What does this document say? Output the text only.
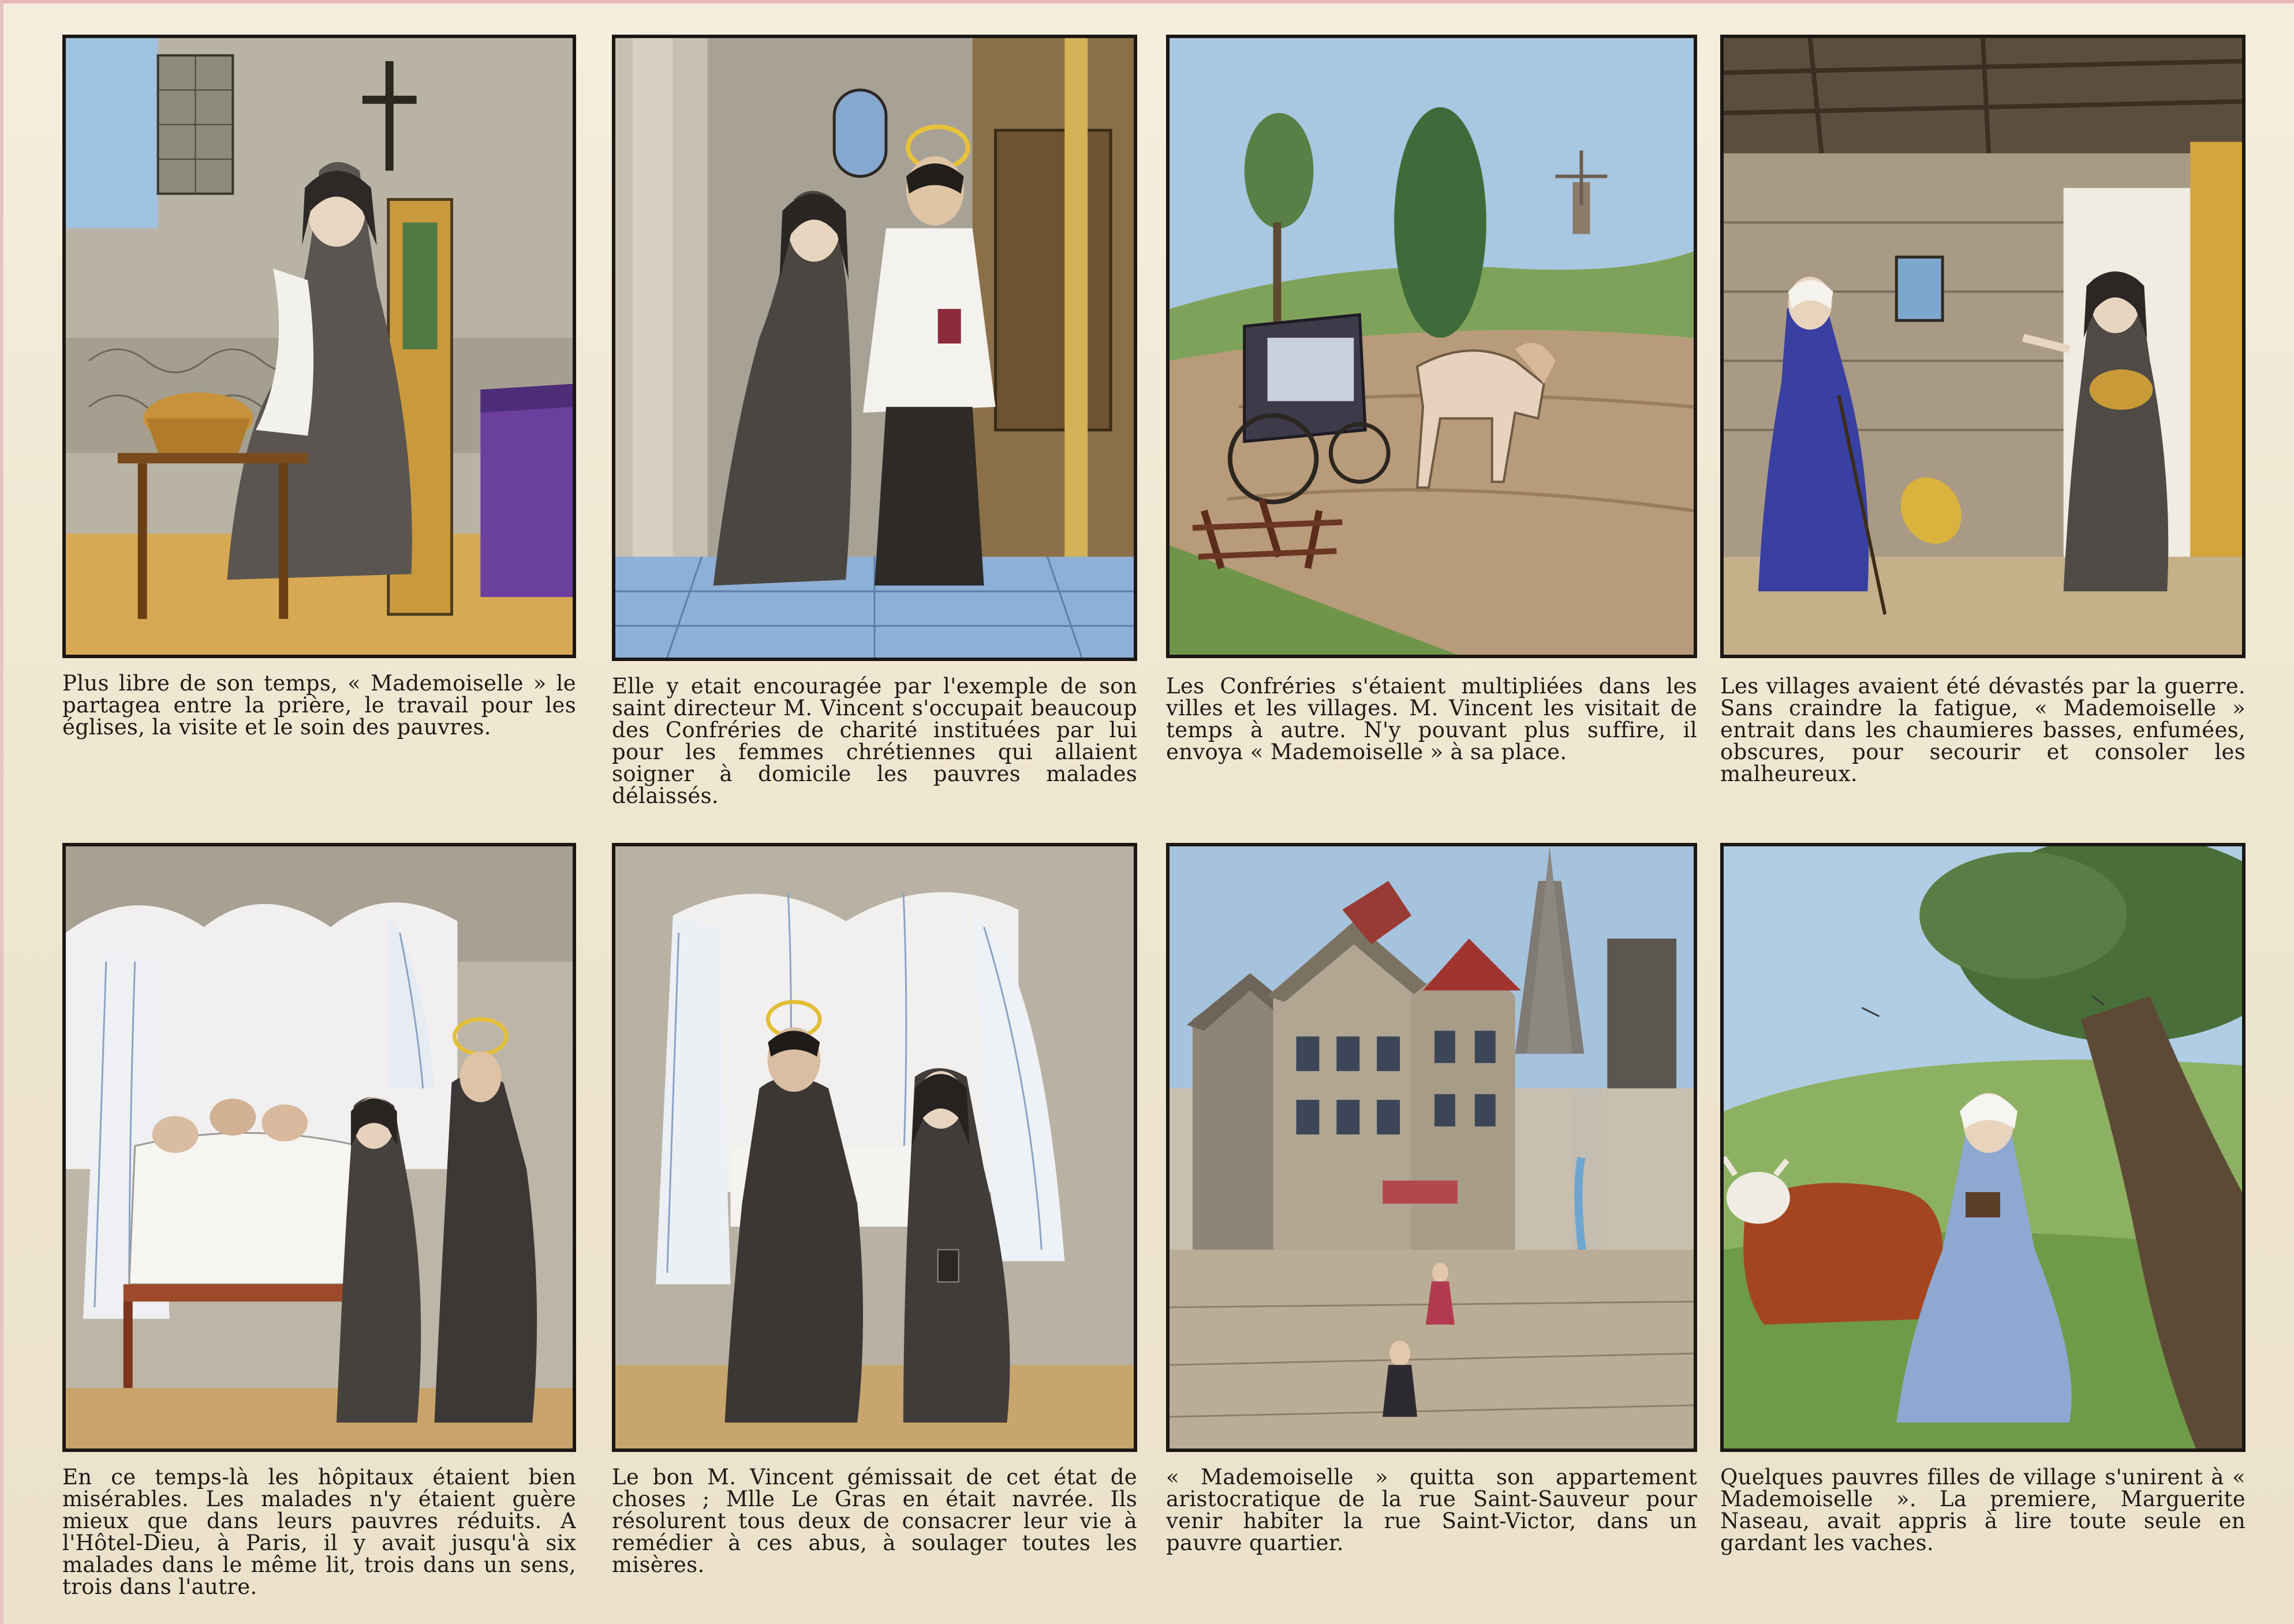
Plus libre de son temps, « Mademoiselle » le partagea entre la prière, le travail pour les églises, la visite et le soin des pauvres.
Elle y etait encouragée par l'exemple de son saint directeur M. Vincent s'occupait beaucoup des Confréries de charité instituées par lui pour les femmes chrétiennes qui allaient soigner à domicile les pauvres malades délaissés.
Les Confréries s'étaient multipliées dans les villes et les villages. M. Vincent les visitait de temps à autre. N'y pouvant plus suffire, il envoya « Mademoiselle » à sa place.
Les villages avaient été dévastés par la guerre. Sans craindre la fatigue, « Mademoiselle » entrait dans les chaumieres basses, enfumées, obscures, pour secourir et consoler les malheureux.
En ce temps-là les hôpitaux étaient bien misérables. Les malades n'y étaient guère mieux que dans leurs pauvres réduits. A l'Hôtel-Dieu, à Paris, il y avait jusqu'à six malades dans le même lit, trois dans un sens, trois dans l'autre.
Le bon M. Vincent gémissait de cet état de choses ; Mlle Le Gras en était navrée. Ils résolurent tous deux de consacrer leur vie à remédier à ces abus, à soulager toutes les misères.
« Mademoiselle » quitta son appartement aristocratique de la rue Saint-Sauveur pour venir habiter la rue Saint-Victor, dans un pauvre quartier.
Quelques pauvres filles de village s'unirent à « Mademoiselle ». La premiere, Marguerite Naseau, avait appris à lire toute seule en gardant les vaches.
